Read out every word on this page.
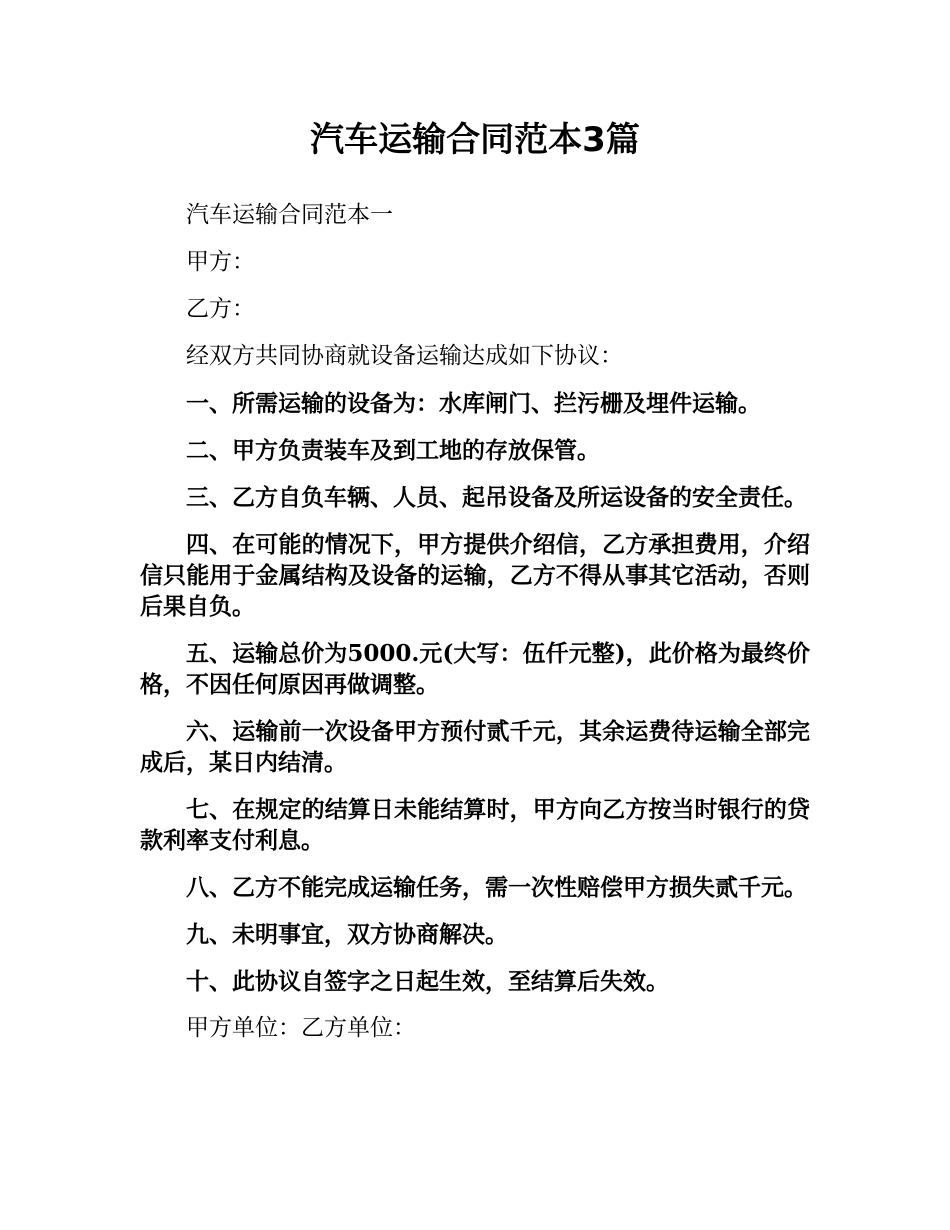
汽车运输合同范本3篇

汽车运输合同范本一

甲方：

乙方：

经双方共同协商就设备运输达成如下协议：

一、所需运输的设备为：水库闸门、拦污栅及埋件运输。

二、甲方负责装车及到工地的存放保管。

三、乙方自负车辆、人员、起吊设备及所运设备的安全责任。

四、在可能的情况下，甲方提供介绍信，乙方承担费用，介绍信只能用于金属结构及设备的运输，乙方不得从事其它活动，否则后果自负。

五、运输总价为5000.元(大写：伍仟元整)，此价格为最终价格，不因任何原因再做调整。

六、运输前一次设备甲方预付贰千元，其余运费待运输全部完成后，某日内结清。

七、在规定的结算日未能结算时，甲方向乙方按当时银行的贷款利率支付利息。

八、乙方不能完成运输任务，需一次性赔偿甲方损失贰千元。

九、未明事宜，双方协商解决。

十、此协议自签字之日起生效，至结算后失效。

甲方单位：乙方单位：
